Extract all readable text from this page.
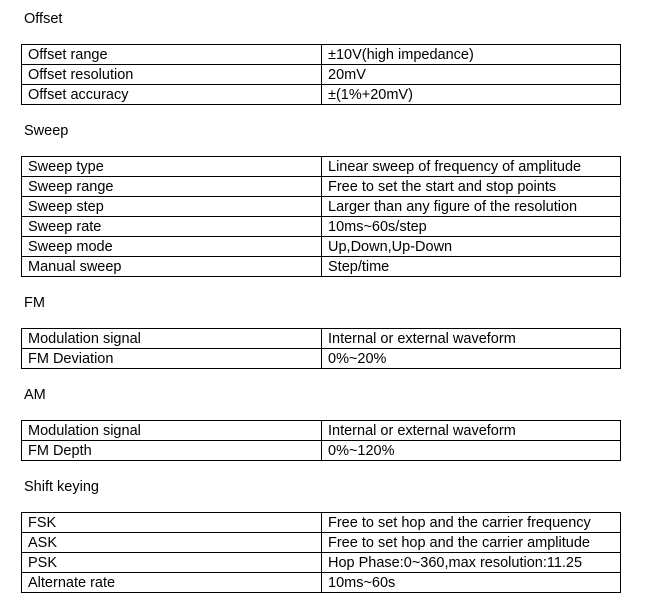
Offset
Offset range	±10V(high impedance)
Offset resolution	20mV
Offset accuracy	±(1%+20mV)
Sweep
Sweep type	Linear sweep of frequency of amplitude
Sweep range	Free to set the start and stop points
Sweep step	Larger than any figure of the resolution
Sweep rate	10ms~60s/step
Sweep mode	Up,Down,Up-Down
Manual sweep	Step/time
FM
Modulation signal	Internal or external waveform
FM Deviation	0%~20%
AM
Modulation signal	Internal or external waveform
FM Depth	0%~120%
Shift keying
FSK	Free to set hop and the carrier frequency
ASK	Free to set hop and the carrier amplitude
PSK	Hop Phase:0~360,max resolution:11.25
Alternate rate	10ms~60s
